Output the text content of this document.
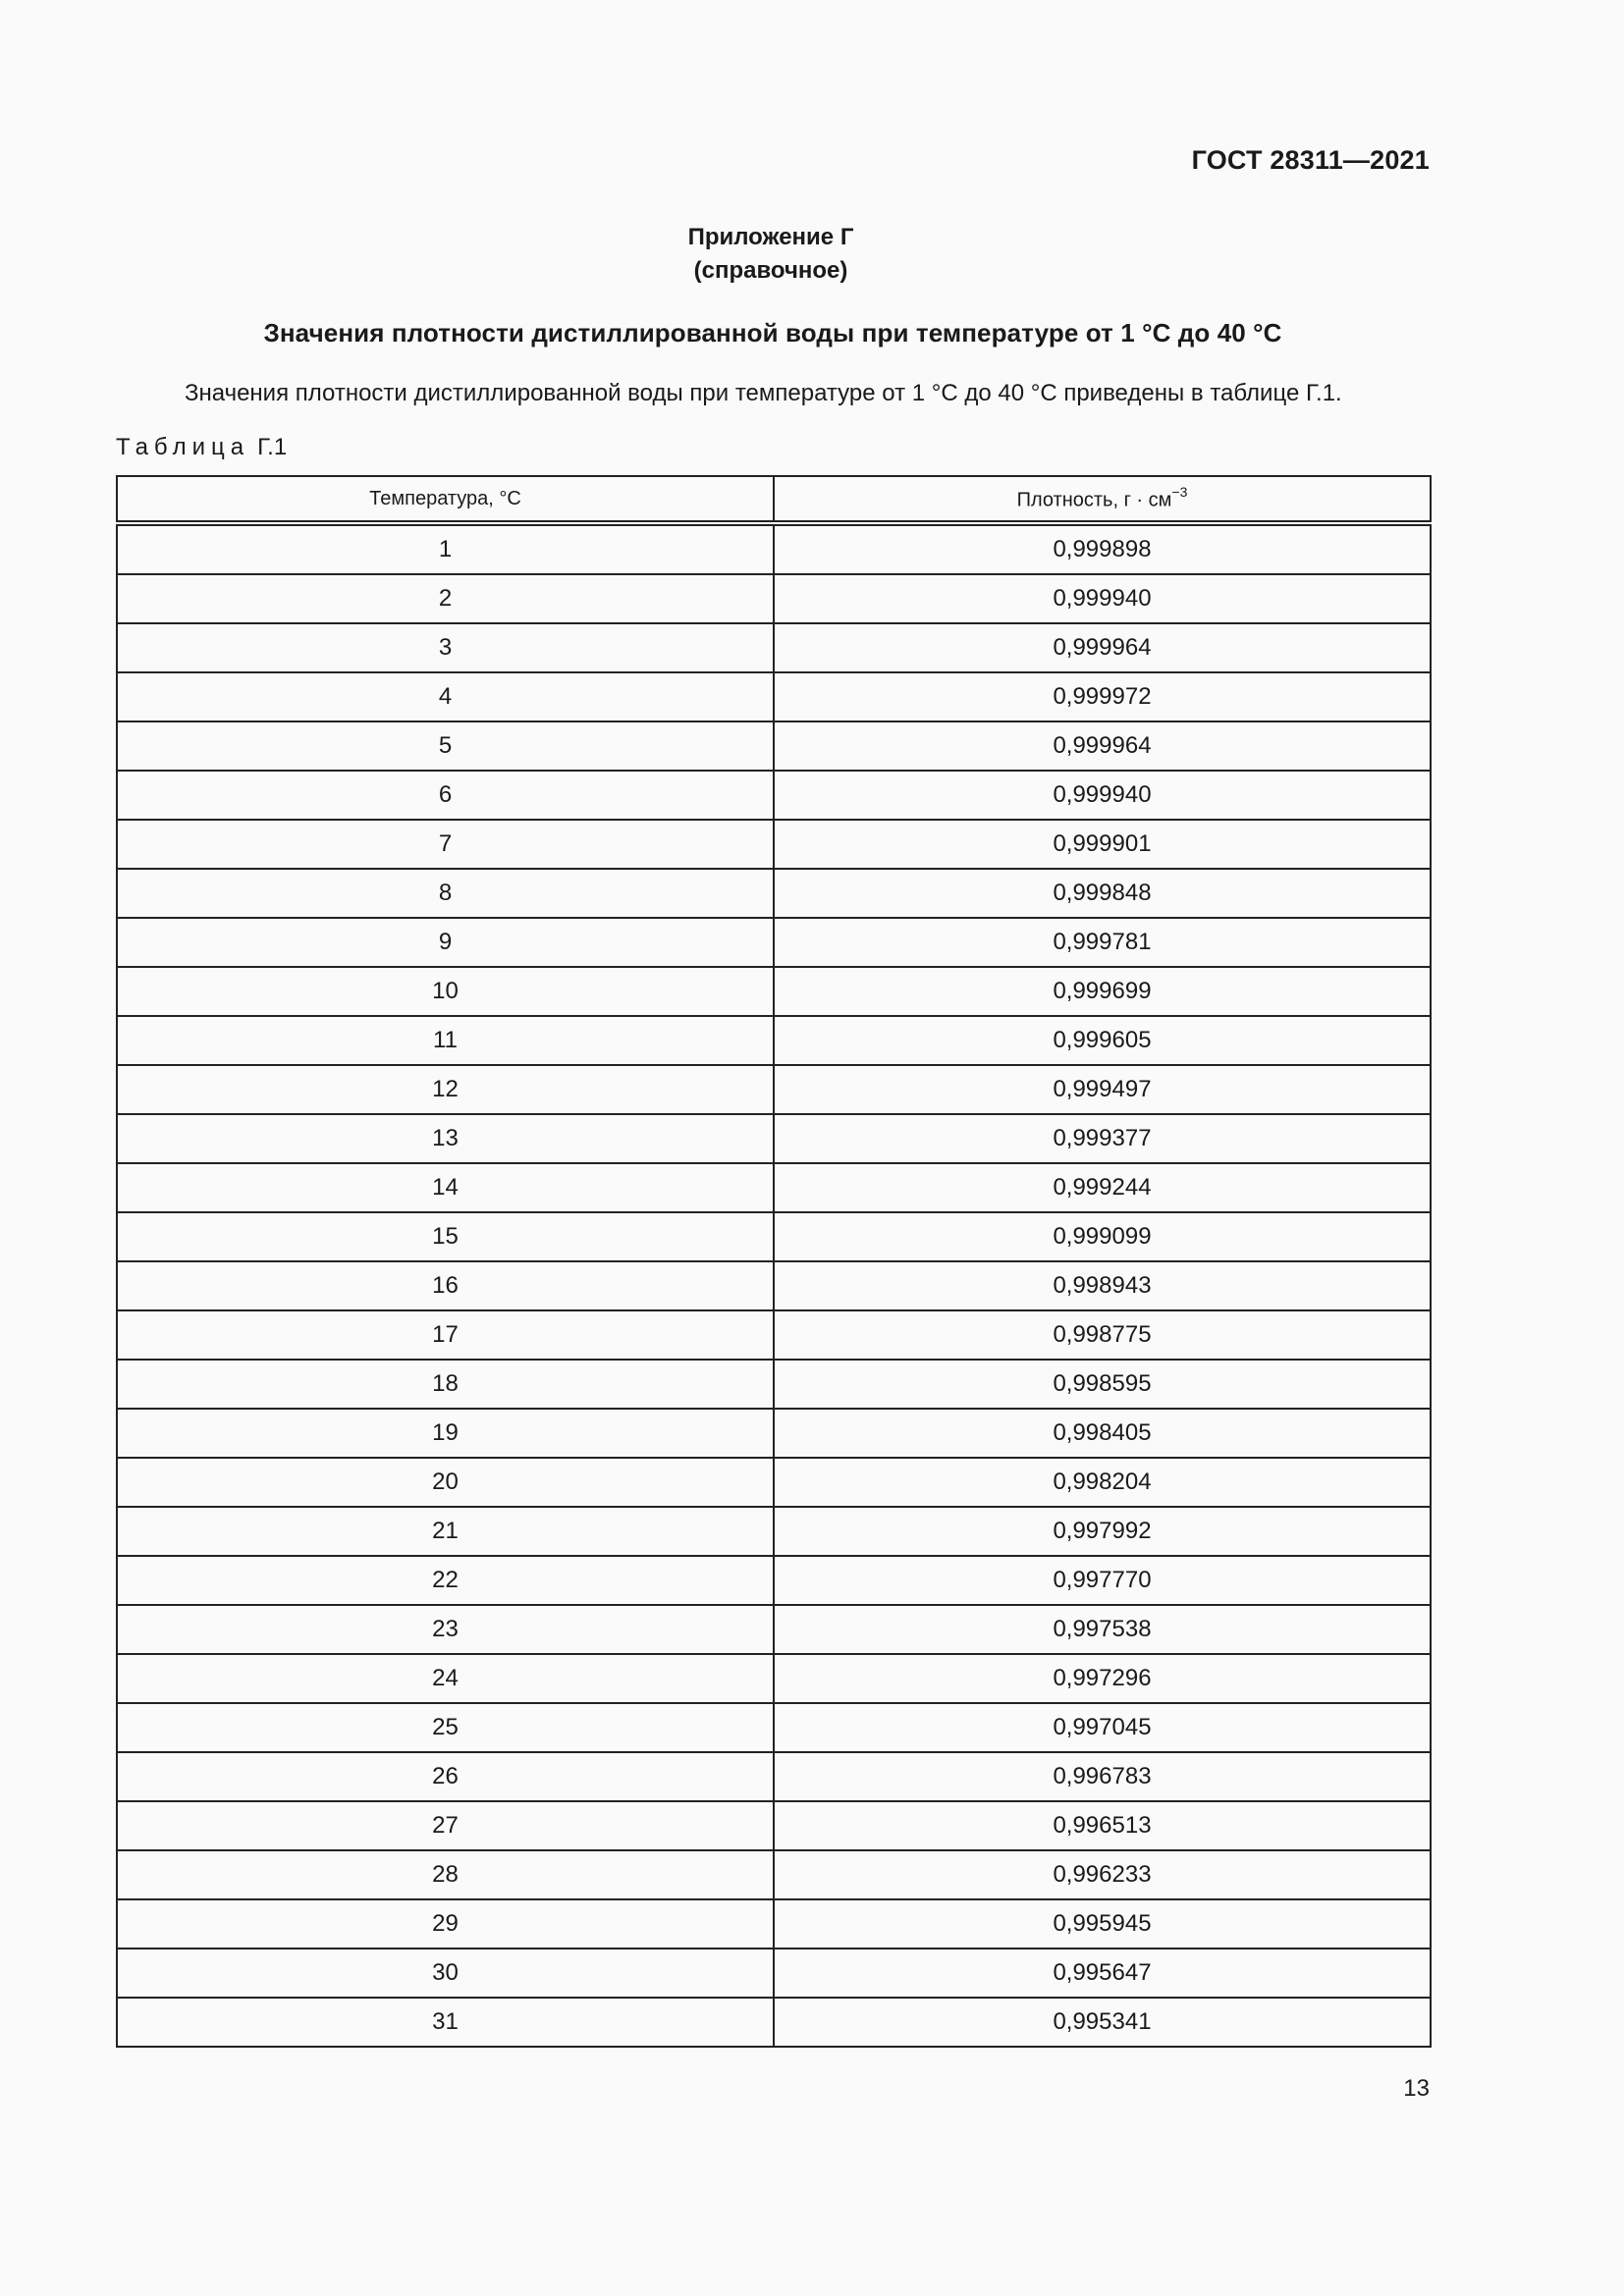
ГОСТ 28311—2021
Приложение Г
(справочное)
Значения плотности дистиллированной воды при температуре от 1 °С до 40 °С
Значения плотности дистиллированной воды при температуре от 1 °С до 40 °С приведены в таблице Г.1.
Таблица Г.1
Температура, °С	Плотность, $г \cdot см^{-3}$
1	0,999898
2	0,999940
3	0,999964
4	0,999972
5	0,999964
6	0,999940
7	0,999901
8	0,999848
9	0,999781
10	0,999699
11	0,999605
12	0,999497
13	0,999377
14	0,999244
15	0,999099
16	0,998943
17	0,998775
18	0,998595
19	0,998405
20	0,998204
21	0,997992
22	0,997770
23	0,997538
24	0,997296
25	0,997045
26	0,996783
27	0,996513
28	0,996233
29	0,995945
30	0,995647
31	0,995341
13
